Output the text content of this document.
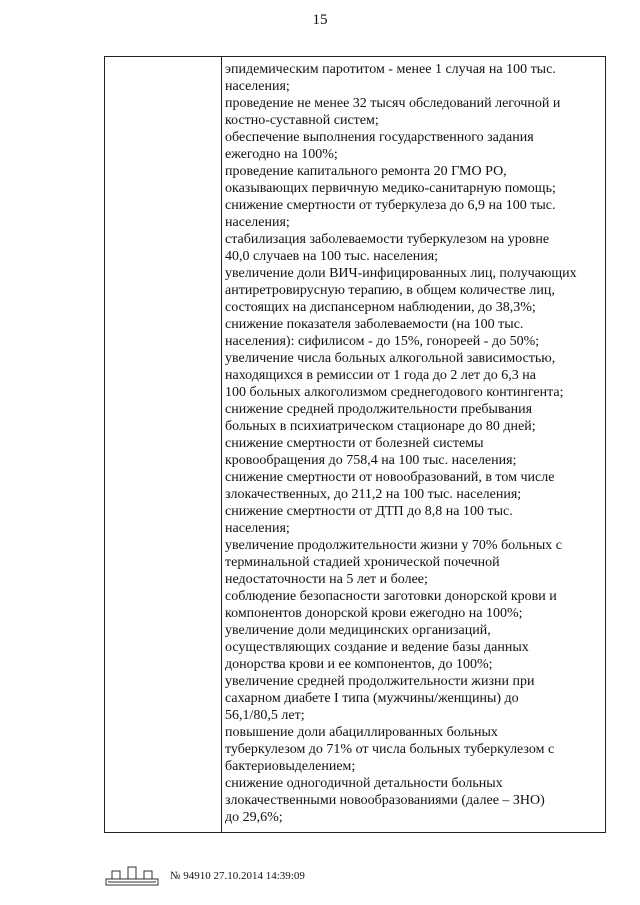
15
эпидемическим паротитом - менее 1 случая на 100 тыс.
населения;
проведение не менее 32 тысяч обследований легочной и
костно-суставной систем;
обеспечение выполнения государственного задания
ежегодно на 100%;
проведение капитального ремонта 20 ГМО РО,
оказывающих первичную медико-санитарную помощь;
снижение смертности от туберкулеза до 6,9 на 100 тыс.
населения;
стабилизация заболеваемости туберкулезом на уровне
40,0 случаев на 100 тыс. населения;
увеличение доли ВИЧ-инфицированных лиц, получающих
антиретровирусную терапию, в общем количестве лиц,
состоящих на диспансерном наблюдении, до 38,3%;
снижение показателя заболеваемости (на 100 тыс.
населения): сифилисом - до 15%, гонореей - до 50%;
увеличение числа больных алкогольной зависимостью,
находящихся в ремиссии от 1 года до 2 лет до 6,3 на
100 больных алкоголизмом среднегодового контингента;
снижение средней продолжительности пребывания
больных в психиатрическом стационаре до 80 дней;
снижение смертности от болезней системы
кровообращения до 758,4 на 100 тыс. населения;
снижение смертности от новообразований, в том числе
злокачественных, до 211,2 на 100 тыс. населения;
снижение смертности от ДТП до 8,8 на 100 тыс.
населения;
увеличение продолжительности жизни у 70% больных с
терминальной стадией хронической почечной
недостаточности на 5 лет и более;
соблюдение безопасности заготовки донорской крови и
компонентов донорской крови ежегодно на 100%;
увеличение доли медицинских организаций,
осуществляющих создание и ведение базы данных
донорства крови и ее компонентов, до 100%;
увеличение средней продолжительности жизни при
сахарном диабете I типа (мужчины/женщины) до
56,1/80,5 лет;
повышение доли абациллированных больных
туберкулезом до 71% от числа больных туберкулезом с
бактериовыделением;
снижение одногодичной детальности больных
злокачественными новообразованиями (далее – ЗНО)
до 29,6%;
№ 94910 27.10.2014 14:39:09
